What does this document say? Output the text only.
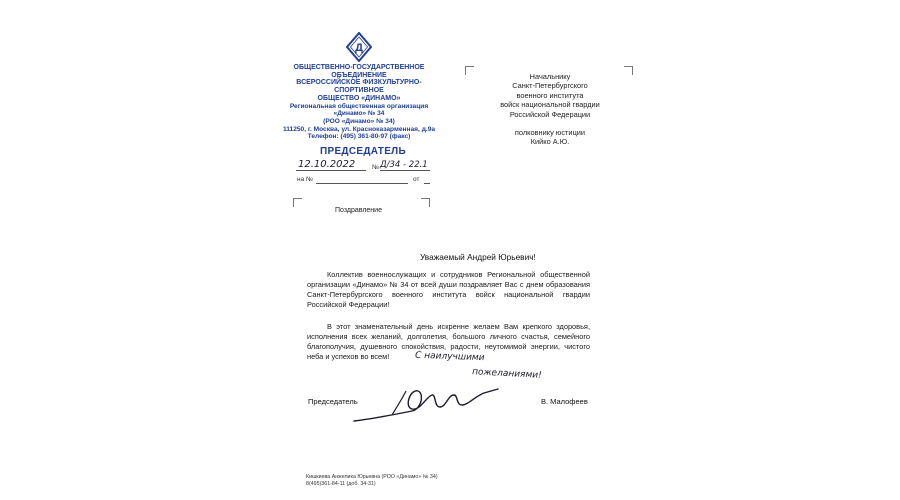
Д
ОБЩЕСТВЕННО-ГОСУДАРСТВЕННОЕ
ОБЪЕДИНЕНИЕ
ВСЕРОССИЙСКОЕ ФИЗКУЛЬТУРНО-
СПОРТИВНОЕ
ОБЩЕСТВО «ДИНАМО»
Региональная общественная организация
«Динамо» № 34
(РОО «Динамо» № 34)
111250, г. Москва, ул. Красноказарменная, д.9а
Телефон: (495) 361-80-97 (факс)
ПРЕДСЕДАТЕЛЬ
12.10.2022	№ Д/34 - 22.1
на №	от
Начальнику
Санкт-Петербургского
военного института
войск национальной гвардии
Российской Федерации
полковнику юстиции
Кийко А.Ю.
Поздравление
Уважаемый Андрей Юрьевич!
Коллектив военнослужащих и сотрудников Региональной общественной организации «Динамо» № 34 от всей души поздравляет Вас с днем образования Санкт-Петербургского военного института войск национальной гвардии Российской Федерации!
В этот знаменательный день искренне желаем Вам крепкого здоровья, исполнения всех желаний, долголетия, большого личного счастья, семейного благополучия, душевного спокойствия, радости, неутомимой энергии, чистого неба и успехов во всем!	С наилучшими
пожеланиями!
Председатель	В. Малофеев
Кишкиева Анжелика Юрьевна (РОО «Динамо» № 34)
8(495)361-84-11 (доб. 34-31)
